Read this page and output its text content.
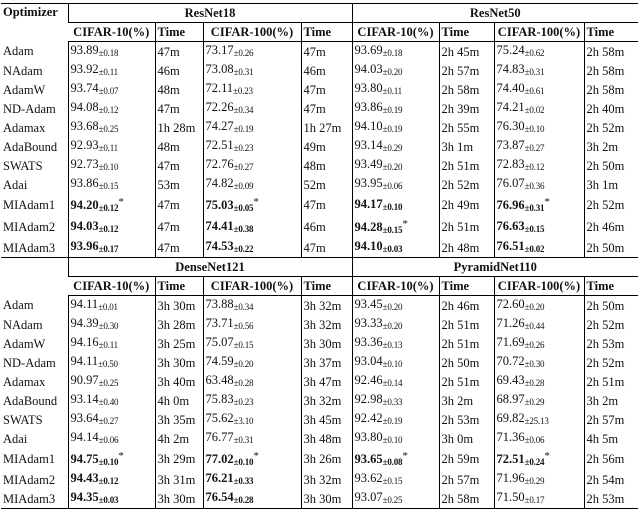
Optimizer	ResNet18				ResNet50			
	CIFAR-10(%)	Time	CIFAR-100(%)	Time	CIFAR-10(%)	Time	CIFAR-100(%)	Time
Adam	93.89±0.18	47m	73.17±0.26	47m	93.69±0.18	2h 45m	75.24±0.62	2h 58m
NAdam	93.92±0.11	46m	73.08±0.31	46m	94.03±0.20	2h 57m	74.83±0.31	2h 58m
AdamW	93.74±0.07	48m	72.11±0.23	47m	93.80±0.11	2h 58m	74.40±0.61	2h 58m
ND-Adam	94.08±0.12	47m	72.26±0.34	47m	93.86±0.19	2h 39m	74.21±0.02	2h 40m
Adamax	93.68±0.25	1h 28m	74.27±0.19	1h 27m	94.10±0.19	2h 55m	76.30±0.10	2h 52m
AdaBound	92.93±0.11	48m	72.51±0.23	49m	93.14±0.29	3h 1m	73.87±0.27	3h 2m
SWATS	92.73±0.10	47m	72.76±0.27	48m	93.49±0.20	2h 51m	72.83±0.12	2h 50m
Adai	93.86±0.15	53m	74.82±0.09	52m	93.95±0.06	2h 52m	76.07±0.36	3h 1m
MIAdam1	94.20±0.12*	47m	75.03±0.05*	47m	94.17±0.10	2h 49m	76.96±0.31*	2h 52m
MIAdam2	94.03±0.12	47m	74.41±0.38	46m	94.28±0.15*	2h 51m	76.63±0.15	2h 46m
MIAdam3	93.96±0.17	47m	74.53±0.22	47m	94.10±0.03	2h 48m	76.51±0.02	2h 50m
	DenseNet121				PyramidNet110			
	CIFAR-10(%)	Time	CIFAR-100(%)	Time	CIFAR-10(%)	Time	CIFAR-100(%)	Time
Adam	94.11±0.01	3h 30m	73.88±0.34	3h 32m	93.45±0.20	2h 46m	72.60±0.20	2h 50m
NAdam	94.39±0.30	3h 28m	73.71±0.56	3h 32m	93.33±0.20	2h 51m	71.26±0.44	2h 52m
AdamW	94.16±0.11	3h 25m	75.07±0.15	3h 30m	93.36±0.13	2h 51m	71.69±0.26	2h 53m
ND-Adam	94.11±0.50	3h 30m	74.59±0.20	3h 37m	93.04±0.10	2h 50m	70.72±0.30	2h 52m
Adamax	90.97±0.25	3h 40m	63.48±0.28	3h 47m	92.46±0.14	2h 51m	69.43±0.28	2h 51m
AdaBound	93.14±0.40	4h 0m	75.83±0.23	3h 32m	92.98±0.33	3h 2m	68.97±0.29	3h 2m
SWATS	93.64±0.27	3h 35m	75.62±3.10	3h 45m	92.42±0.19	2h 53m	69.82±25.13	2h 57m
Adai	94.14±0.06	4h 2m	76.77±0.31	3h 48m	93.80±0.10	3h 0m	71.36±0.06	4h 5m
MIAdam1	94.75±0.10*	3h 29m	77.02±0.10*	3h 26m	93.65±0.08*	2h 59m	72.51±0.24*	2h 56m
MIAdam2	94.43±0.12	3h 31m	76.21±0.33	3h 32m	93.62±0.15	2h 57m	71.96±0.29	2h 54m
MIAdam3	94.35±0.03	3h 30m	76.54±0.28	3h 30m	93.07±0.25	2h 58m	71.50±0.17	2h 53m
